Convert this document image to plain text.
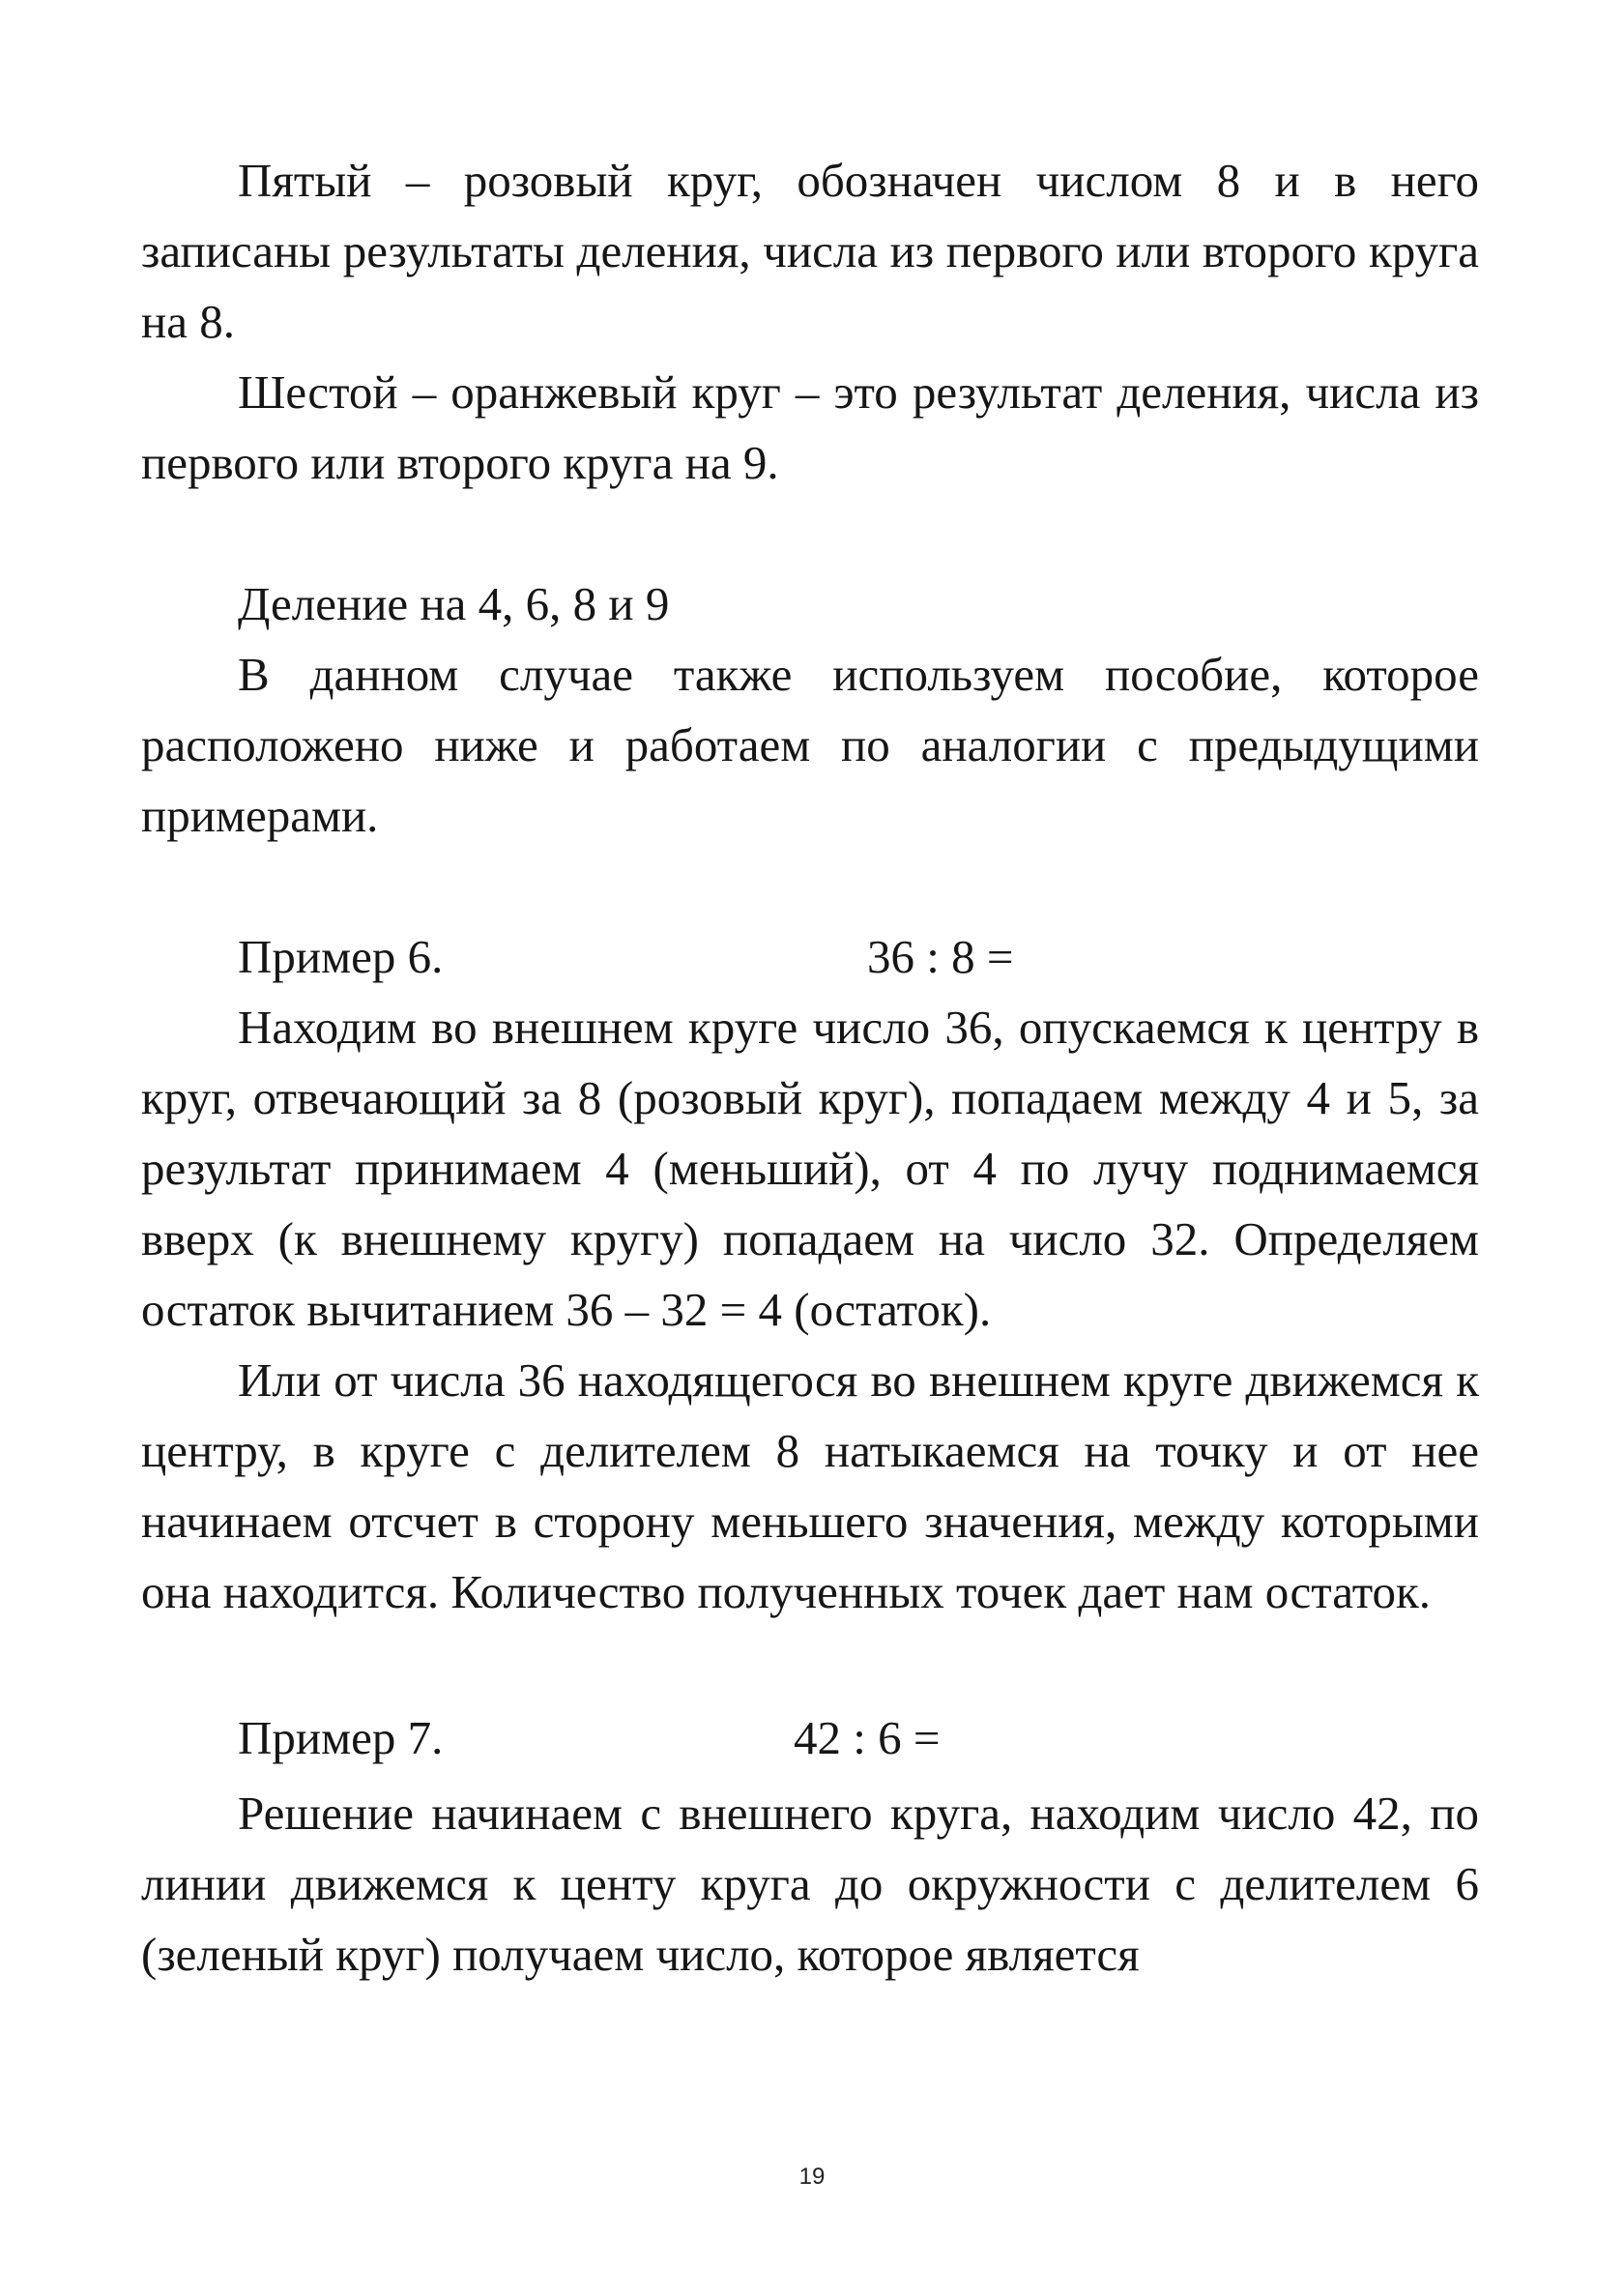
Пятый – розовый круг, обозначен числом 8 и в него записаны результаты деления, числа из первого или второго круга на 8.

Шестой – оранжевый круг – это результат деления, числа из первого или второго круга на 9.

Деление на 4, 6, 8 и 9

В данном случае также используем пособие, которое расположено ниже и работаем по аналогии с предыдущими примерами.

Пример 6.	36 : 8 =

Находим во внешнем круге число 36, опускаемся к центру в круг, отвечающий за 8 (розовый круг), попадаем между 4 и 5, за результат принимаем 4 (меньший), от 4 по лучу поднимаемся вверх (к внешнему кругу) попадаем на число 32. Определяем остаток вычитанием 36 – 32 = 4 (остаток).

Или от числа 36 находящегося во внешнем круге движемся к центру, в круге с делителем 8 натыкаемся на точку и от нее начинаем отсчет в сторону меньшего значения, между которыми она находится. Количество полученных точек дает нам остаток.

Пример 7.	42 : 6 =

Решение начинаем с внешнего круга, находим число 42, по линии движемся к центу круга до окружности с делителем 6 (зеленый круг) получаем число, которое является

19
